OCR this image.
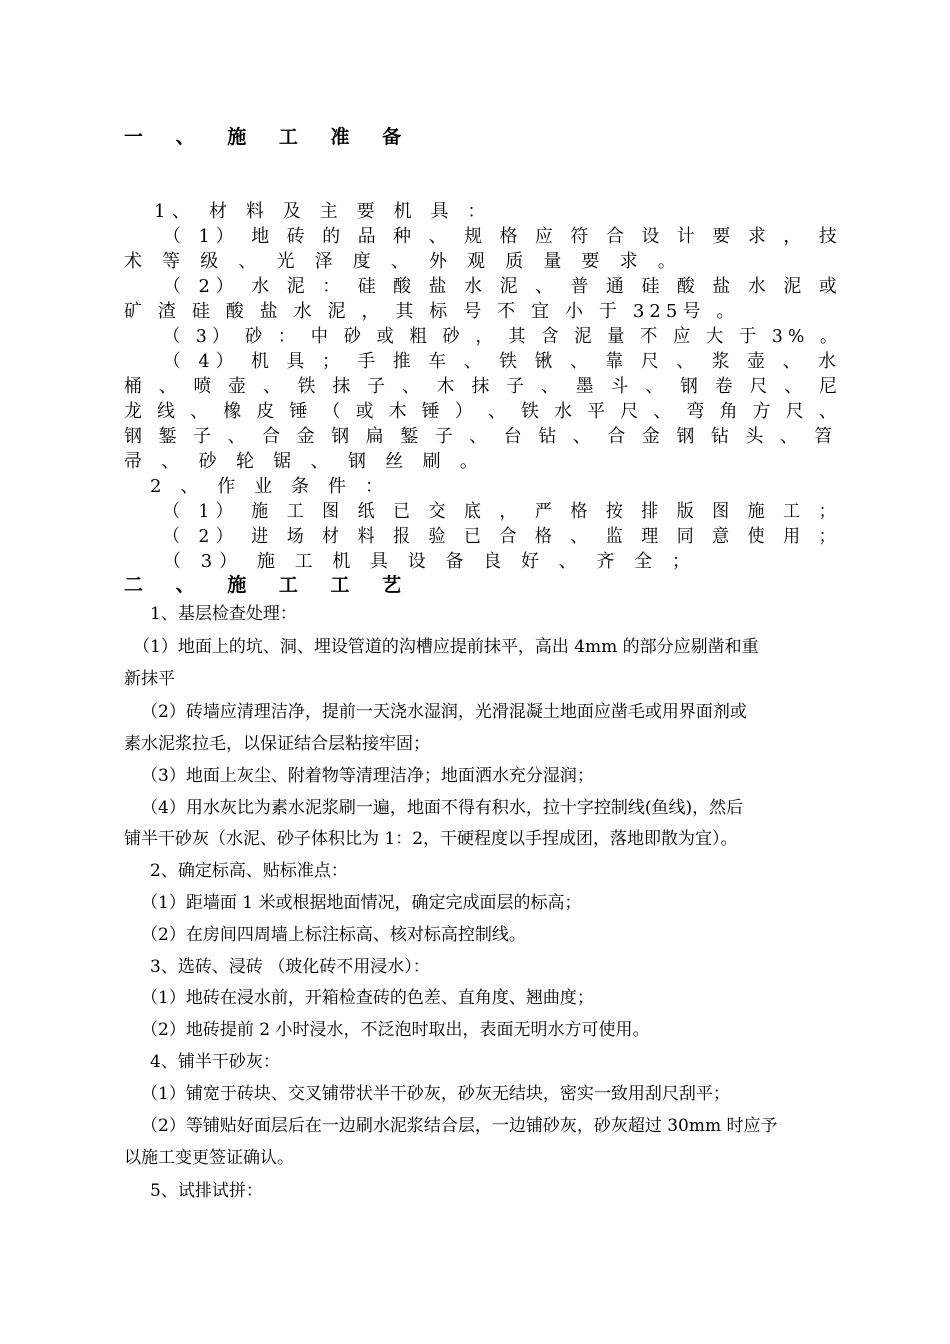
一 、 施 工 准 备
1、 材 料 及 主 要 机 具 ：
（ 1） 地 砖 的 品 种 、 规 格 应 符 合 设 计 要 求 ， 技
术 等 级 、 光 泽 度 、 外 观 质 量 要 求 。
（ 2） 水 泥 ： 硅 酸 盐 水 泥 、 普 通 硅 酸 盐 水 泥 或
矿 渣 硅 酸 盐 水 泥 ， 其 标 号 不 宜 小 于 325号 。
（ 3） 砂 ： 中 砂 或 粗 砂 ， 其 含 泥 量 不 应 大 于 3% 。
（ 4） 机 具 ； 手 推 车 、 铁 锹 、 靠 尺 、 浆 壶 、 水
桶 、 喷 壶 、 铁 抹 子 、 木 抹 子 、 墨 斗 、 钢 卷 尺 、 尼
龙 线 、 橡 皮 锤 （ 或 木 锤 ） 、 铁 水 平 尺 、 弯 角 方 尺 、
钢 錾 子 、 合 金 钢 扁 錾 子 、 台 钻 、 合 金 钢 钻 头 、 笤
帚 、 砂 轮 锯 、 钢 丝 刷 。
2 、 作 业 条 件 ：
（ 1） 施 工 图 纸 已 交 底 ， 严 格 按 排 版 图 施 工 ；
（ 2） 进 场 材 料 报 验 已 合 格 、 监 理 同 意 使 用 ；
（ 3） 施 工 机 具 设 备 良 好 、 齐 全 ；
二 、 施 工 工 艺
1、基层检查处理：
（1）地面上的坑、洞、埋设管道的沟槽应提前抹平，高出 4mm 的部分应剔凿和重
新抹平
（2）砖墙应清理洁净，提前一天浇水湿润，光滑混凝土地面应凿毛或用界面剂或
素水泥浆拉毛，以保证结合层粘接牢固；
（3）地面上灰尘、附着物等清理洁净；地面洒水充分湿润；
（4）用水灰比为素水泥浆刷一遍，地面不得有积水，拉十字控制线(鱼线)，然后
铺半干砂灰（水泥、砂子体积比为 1：2，干硬程度以手捏成团，落地即散为宜）。
2、确定标高、贴标准点：
（1）距墙面 1 米或根据地面情况，确定完成面层的标高；
（2）在房间四周墙上标注标高、核对标高控制线。
3、选砖、浸砖 （玻化砖不用浸水）：
（1）地砖在浸水前，开箱检查砖的色差、直角度、翘曲度；
（2）地砖提前 2 小时浸水，不泛泡时取出，表面无明水方可使用。
4、铺半干砂灰：
（1）铺宽于砖块、交叉铺带状半干砂灰，砂灰无结块，密实一致用刮尺刮平；
（2）等铺贴好面层后在一边刷水泥浆结合层，一边铺砂灰，砂灰超过 30mm 时应予
以施工变更签证确认。
5、试排试拼：
